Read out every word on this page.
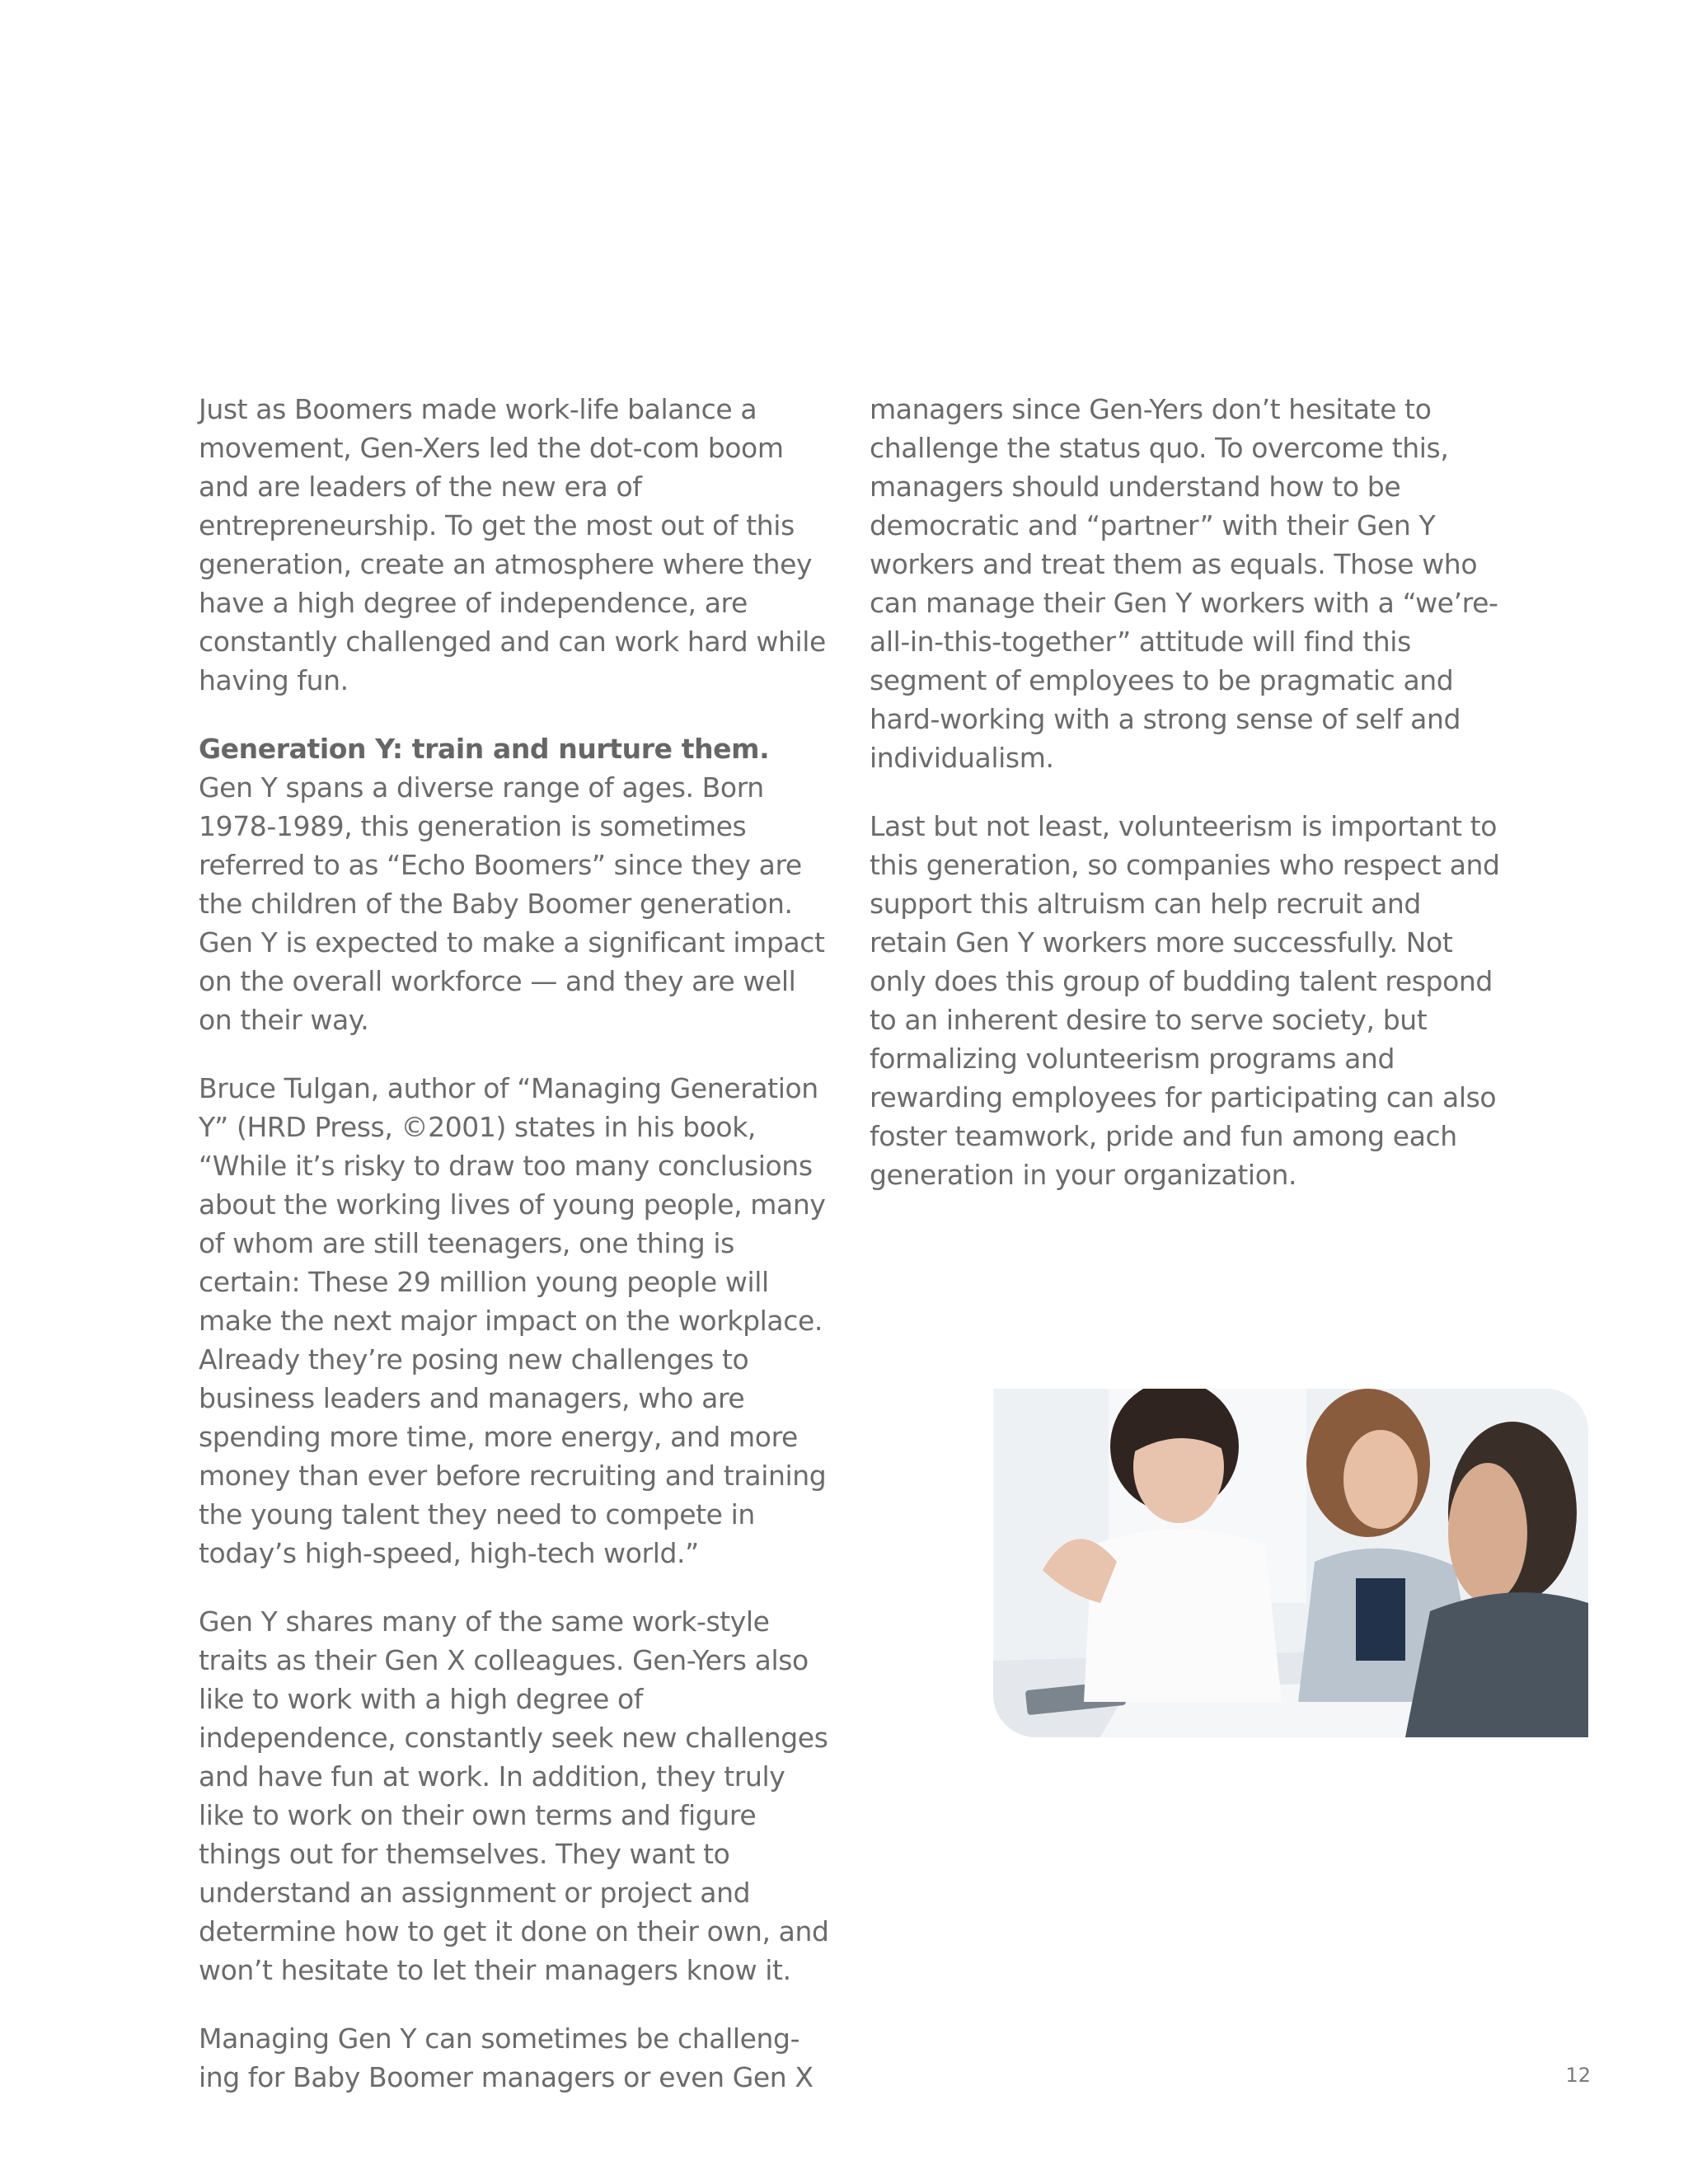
Just as Boomers made work-life balance a movement, Gen-Xers led the dot-com boom and are leaders of the new era of entrepreneurship. To get the most out of this generation, create an atmosphere where they have a high degree of independence, are constantly challenged and can work hard while having fun.

Generation Y: train and nurture them.

Gen Y spans a diverse range of ages. Born 1978-1989, this generation is sometimes referred to as “Echo Boomers” since they are the children of the Baby Boomer generation. Gen Y is expected to make a significant impact on the overall workforce — and they are well on their way.

Bruce Tulgan, author of “Managing Generation Y” (HRD Press, ©2001) states in his book, “While it’s risky to draw too many conclusions about the working lives of young people, many of whom are still teenagers, one thing is certain: These 29 million young people will make the next major impact on the workplace. Already they’re posing new challenges to business leaders and managers, who are spending more time, more energy, and more money than ever before recruiting and training the young talent they need to compete in today’s high-speed, high-tech world.”

Gen Y shares many of the same work-style traits as their Gen X colleagues. Gen-Yers also like to work with a high degree of independence, constantly seek new challenges and have fun at work. In addition, they truly like to work on their own terms and figure things out for themselves. They want to understand an assignment or project and determine how to get it done on their own, and won’t hesitate to let their managers know it.

Managing Gen Y can sometimes be challenging for Baby Boomer managers or even Gen X

managers since Gen-Yers don’t hesitate to challenge the status quo. To overcome this, managers should understand how to be democratic and “partner” with their Gen Y workers and treat them as equals. Those who can manage their Gen Y workers with a “we’re-all-in-this-together” attitude will find this segment of employees to be pragmatic and hard-working with a strong sense of self and individualism.

Last but not least, volunteerism is important to this generation, so companies who respect and support this altruism can help recruit and retain Gen Y workers more successfully. Not only does this group of budding talent respond to an inherent desire to serve society, but formalizing volunteerism programs and rewarding employees for participating can also foster teamwork, pride and fun among each generation in your organization.

12
